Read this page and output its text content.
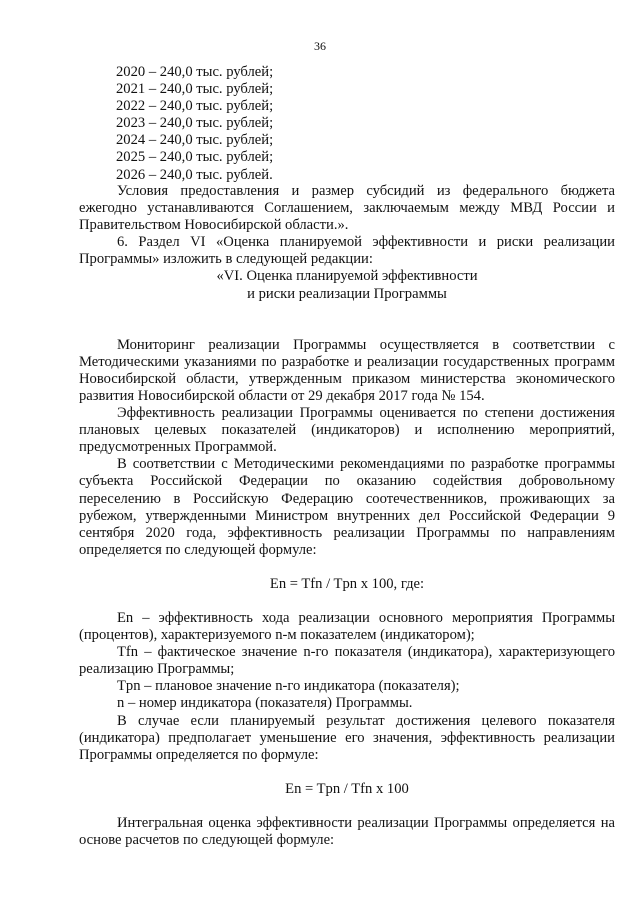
36
2020 – 240,0 тыс. рублей;
2021 – 240,0 тыс. рублей;
2022 – 240,0 тыс. рублей;
2023 – 240,0 тыс. рублей;
2024 – 240,0 тыс. рублей;
2025 – 240,0 тыс. рублей;
2026 – 240,0 тыс. рублей.

Условия предоставления и размер субсидий из федерального бюджета ежегодно устанавливаются Соглашением, заключаемым между МВД России и Правительством Новосибирской области.».

6. Раздел VI «Оценка планируемой эффективности и риски реализации Программы» изложить в следующей редакции:

«VI. Оценка планируемой эффективности

и риски реализации Программы

Мониторинг реализации Программы осуществляется в соответствии с Методическими указаниями по разработке и реализации государственных программ Новосибирской области, утвержденным приказом министерства экономического развития Новосибирской области от 29 декабря 2017 года № 154.

Эффективность реализации Программы оценивается по степени достижения плановых целевых показателей (индикаторов) и исполнению мероприятий, предусмотренных Программой.

В соответствии с Методическими рекомендациями по разработке программы субъекта Российской Федерации по оказанию содействия добровольному переселению в Российскую Федерацию соотечественников, проживающих за рубежом, утвержденными Министром внутренних дел Российской Федерации 9 сентября 2020 года, эффективность реализации Программы по направлениям определяется по следующей формуле:

En = Tfn / Tpn x 100, где:

En – эффективность хода реализации основного мероприятия Программы (процентов), характеризуемого n-м показателем (индикатором);

Tfn – фактическое значение n-го показателя (индикатора), характеризующего реализацию Программы;

Tpn – плановое значение n-го индикатора (показателя);

n – номер индикатора (показателя) Программы.

В случае если планируемый результат достижения целевого показателя (индикатора) предполагает уменьшение его значения, эффективность реализации Программы определяется по формуле:

En = Tpn / Tfn x 100

Интегральная оценка эффективности реализации Программы определяется на основе расчетов по следующей формуле:
